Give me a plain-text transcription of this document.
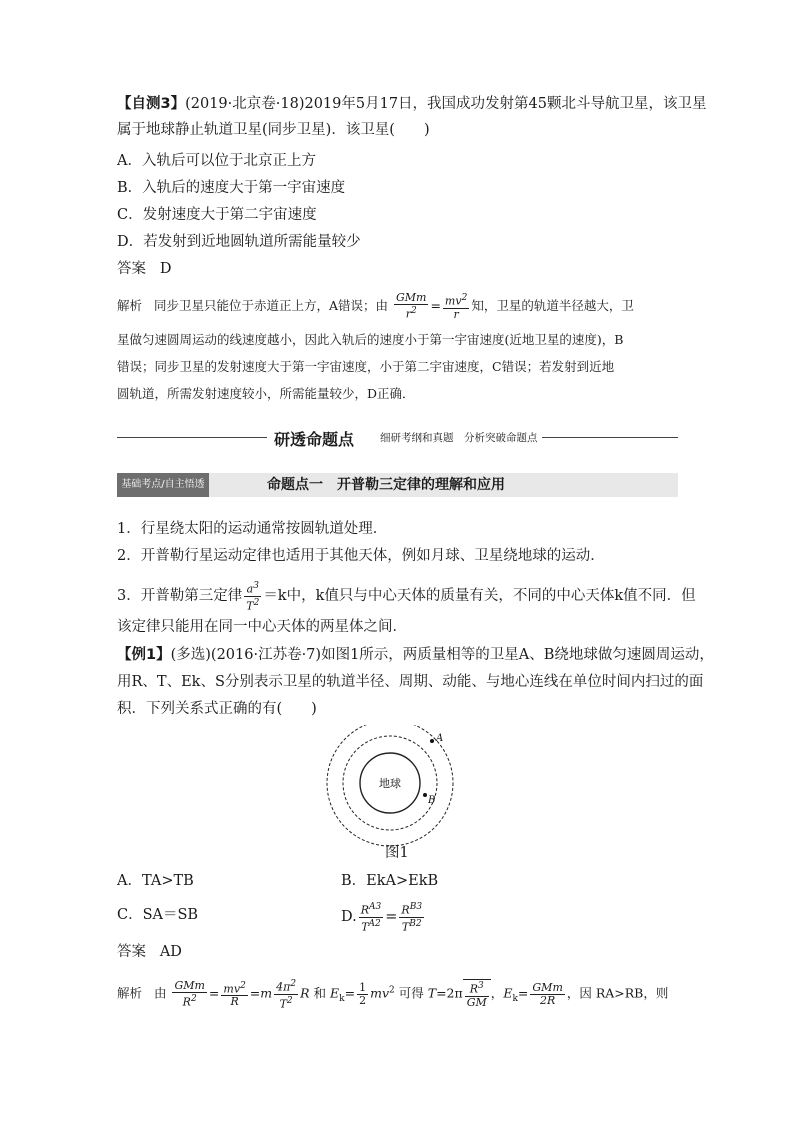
【自测3】(2019·北京卷·18)2019年5月17日，我国成功发射第45颗北斗导航卫星，该卫星
属于地球静止轨道卫星(同步卫星)．该卫星(　　)
A．入轨后可以位于北京正上方
B．入轨后的速度大于第一宇宙速度
C．发射速度大于第二宇宙速度
D．若发射到近地圆轨道所需能量较少
答案 D
解析 同步卫星只能位于赤道正上方，A错误；由 $\frac{\text{GMm}}{r^2} = \frac{mv^2}{r}$ 知，卫星的轨道半径越大，卫
星做匀速圆周运动的线速度越小，因此入轨后的速度小于第一宇宙速度(近地卫星的速度)，B
错误；同步卫星的发射速度大于第一宇宙速度，小于第二宇宙速度，C错误；若发射到近地
圆轨道，所需发射速度较小，所需能量较少，D正确．
研透命题点	细研考纲和真题　分析突破命题点
基础考点/自主悟透	命题点一　开普勒三定律的理解和应用
1．行星绕太阳的运动通常按圆轨道处理．
2．开普勒行星运动定律也适用于其他天体，例如月球、卫星绕地球的运动．
3．开普勒第三定律 $\frac{a^3}{T^2} =k$中，k值只与中心天体的质量有关，不同的中心天体k值不同．但
该定律只能用在同一中心天体的两星体之间．
【例1】(多选)(2016·江苏卷·7)如图1所示，两质量相等的卫星A、B绕地球做匀速圆周运动，
用R、T、Ek、S分别表示卫星的轨道半径、周期、动能、与地心连线在单位时间内扫过的面
积．下列关系式正确的有(　　)
地球
A
B
图1
A．TA>TB	B．EkA>EkB
C．SA＝SB	D. $\frac{R^{A3}}{T^{A2}} = \frac{R^{B3}}{T^{B2}}$
答案 AD
解析 由 $\frac{\text{GMm}}{R^2} = \frac{mv^2}{R} =m \frac{4\pi^2}{T^2}$ R 和 $E_k= \frac{1}{2} mv^2$ 可得 $T=2\pi \frac{R^3}{GM}$ ，$E_k= \frac{\text{GMm}}{2R}$ ，因 RA>RB，则
